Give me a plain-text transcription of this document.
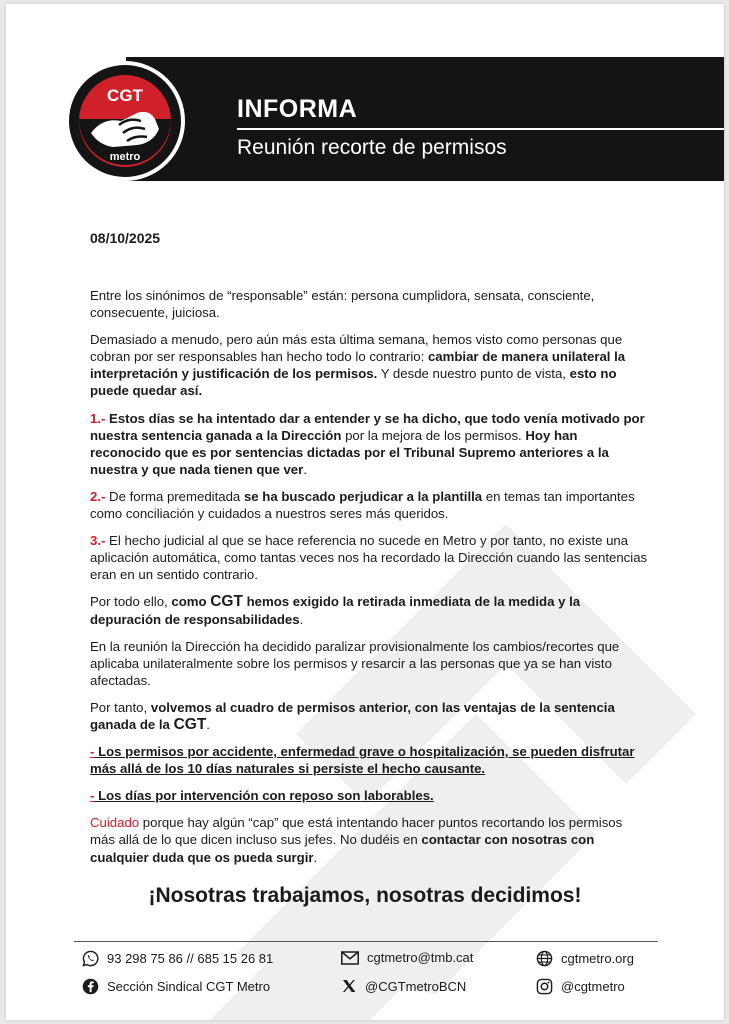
INFORMA
Reunión recorte de permisos
CGT
metro
08/10/2025

Entre los sinónimos de “responsable” están: persona cumplidora, sensata, consciente, consecuente, juiciosa.

Demasiado a menudo, pero aún más esta última semana, hemos visto como personas que cobran por ser responsables han hecho todo lo contrario: cambiar de manera unilateral la interpretación y justificación de los permisos. Y desde nuestro punto de vista, esto no puede quedar así.

1.- Estos días se ha intentado dar a entender y se ha dicho, que todo venía motivado por nuestra sentencia ganada a la Dirección por la mejora de los permisos. Hoy han reconocido que es por sentencias dictadas por el Tribunal Supremo anteriores a la nuestra y que nada tienen que ver.

2.- De forma premeditada se ha buscado perjudicar a la plantilla en temas tan importantes como conciliación y cuidados a nuestros seres más queridos.

3.- El hecho judicial al que se hace referencia no sucede en Metro y por tanto, no existe una aplicación automática, como tantas veces nos ha recordado la Dirección cuando las sentencias eran en un sentido contrario.

Por todo ello, como CGT hemos exigido la retirada inmediata de la medida y la depuración de responsabilidades.

En la reunión la Dirección ha decidido paralizar provisionalmente los cambios/recortes que aplicaba unilateralmente sobre los permisos y resarcir a las personas que ya se han visto afectadas.

Por tanto, volvemos al cuadro de permisos anterior, con las ventajas de la sentencia ganada de la CGT.

- Los permisos por accidente, enfermedad grave o hospitalización, se pueden disfrutar más allá de los 10 días naturales si persiste el hecho causante.

- Los días por intervención con reposo son laborables.

Cuidado porque hay algún “cap” que está intentando hacer puntos recortando los permisos más allá de lo que dicen incluso sus jefes. No dudéis en contactar con nosotras con cualquier duda que os pueda surgir.

¡Nosotras trabajamos, nosotras decidimos!
93 298 75 86 // 685 15 26 81	cgtmetro@tmb.cat	cgtmetro.org
Sección Sindical CGT Metro	@CGTmetroBCN	@cgtmetro
